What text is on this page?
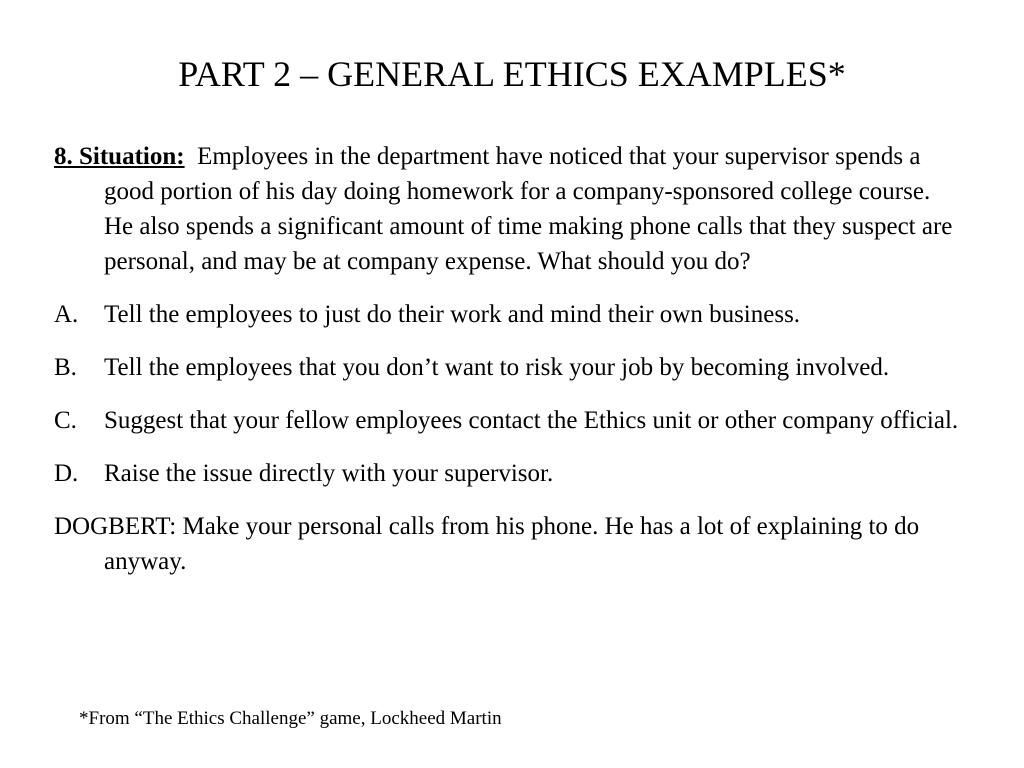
PART 2 – GENERAL ETHICS EXAMPLES*

8. Situation: Employees in the department have noticed that your supervisor spends a good portion of his day doing homework for a company-sponsored college course. He also spends a significant amount of time making phone calls that they suspect are personal, and may be at company expense. What should you do?

A. Tell the employees to just do their work and mind their own business.

B. Tell the employees that you don’t want to risk your job by becoming involved.

C. Suggest that your fellow employees contact the Ethics unit or other company official.

D. Raise the issue directly with your supervisor.

DOGBERT: Make your personal calls from his phone. He has a lot of explaining to do anyway.

*From “The Ethics Challenge” game, Lockheed Martin
